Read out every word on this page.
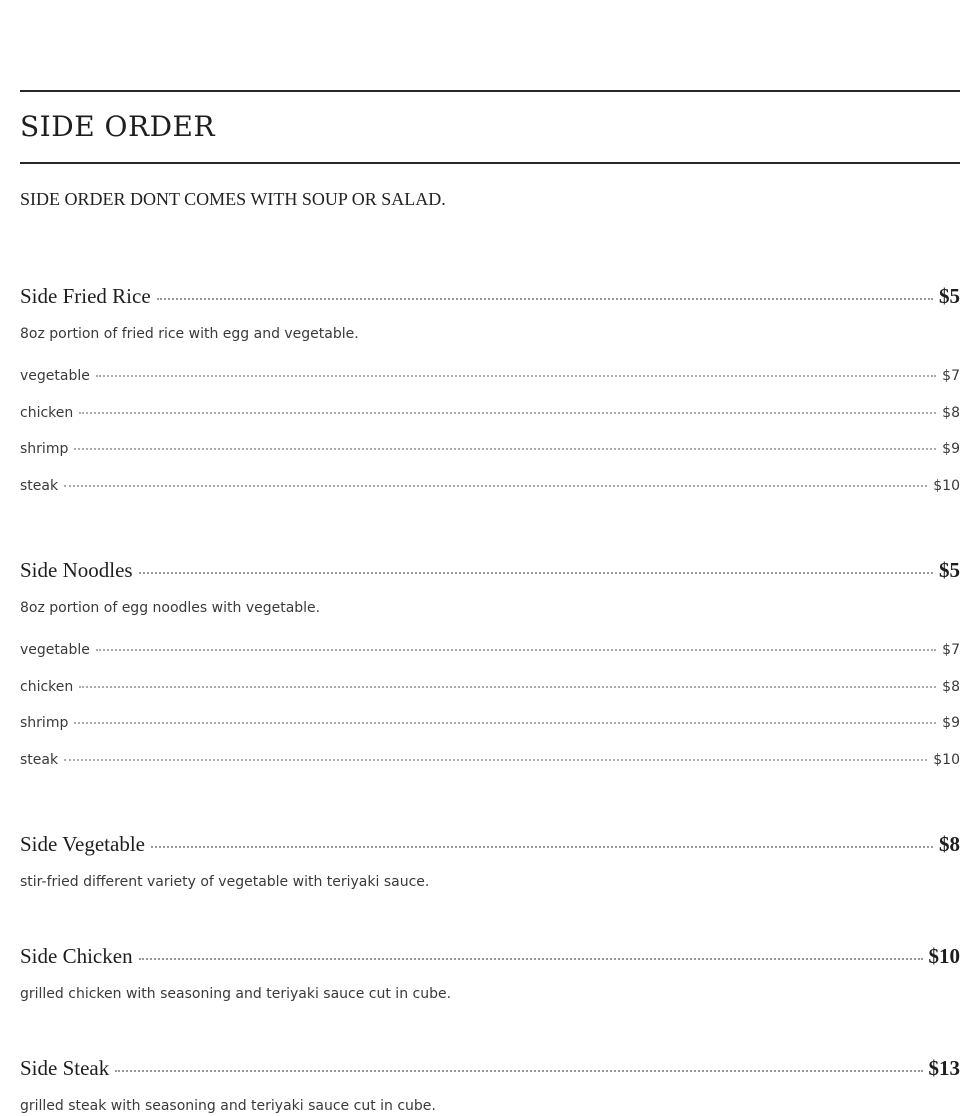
SIDE ORDER
SIDE ORDER DONT COMES WITH SOUP OR SALAD.
Side Fried Rice	$5
8oz portion of fried rice with egg and vegetable.
vegetable	$7
chicken	$8
shrimp	$9
steak	$10
Side Noodles	$5
8oz portion of egg noodles with vegetable.
vegetable	$7
chicken	$8
shrimp	$9
steak	$10
Side Vegetable	$8
stir-fried different variety of vegetable with teriyaki sauce.
Side Chicken	$10
grilled chicken with seasoning and teriyaki sauce cut in cube.
Side Steak	$13
grilled steak with seasoning and teriyaki sauce cut in cube.
